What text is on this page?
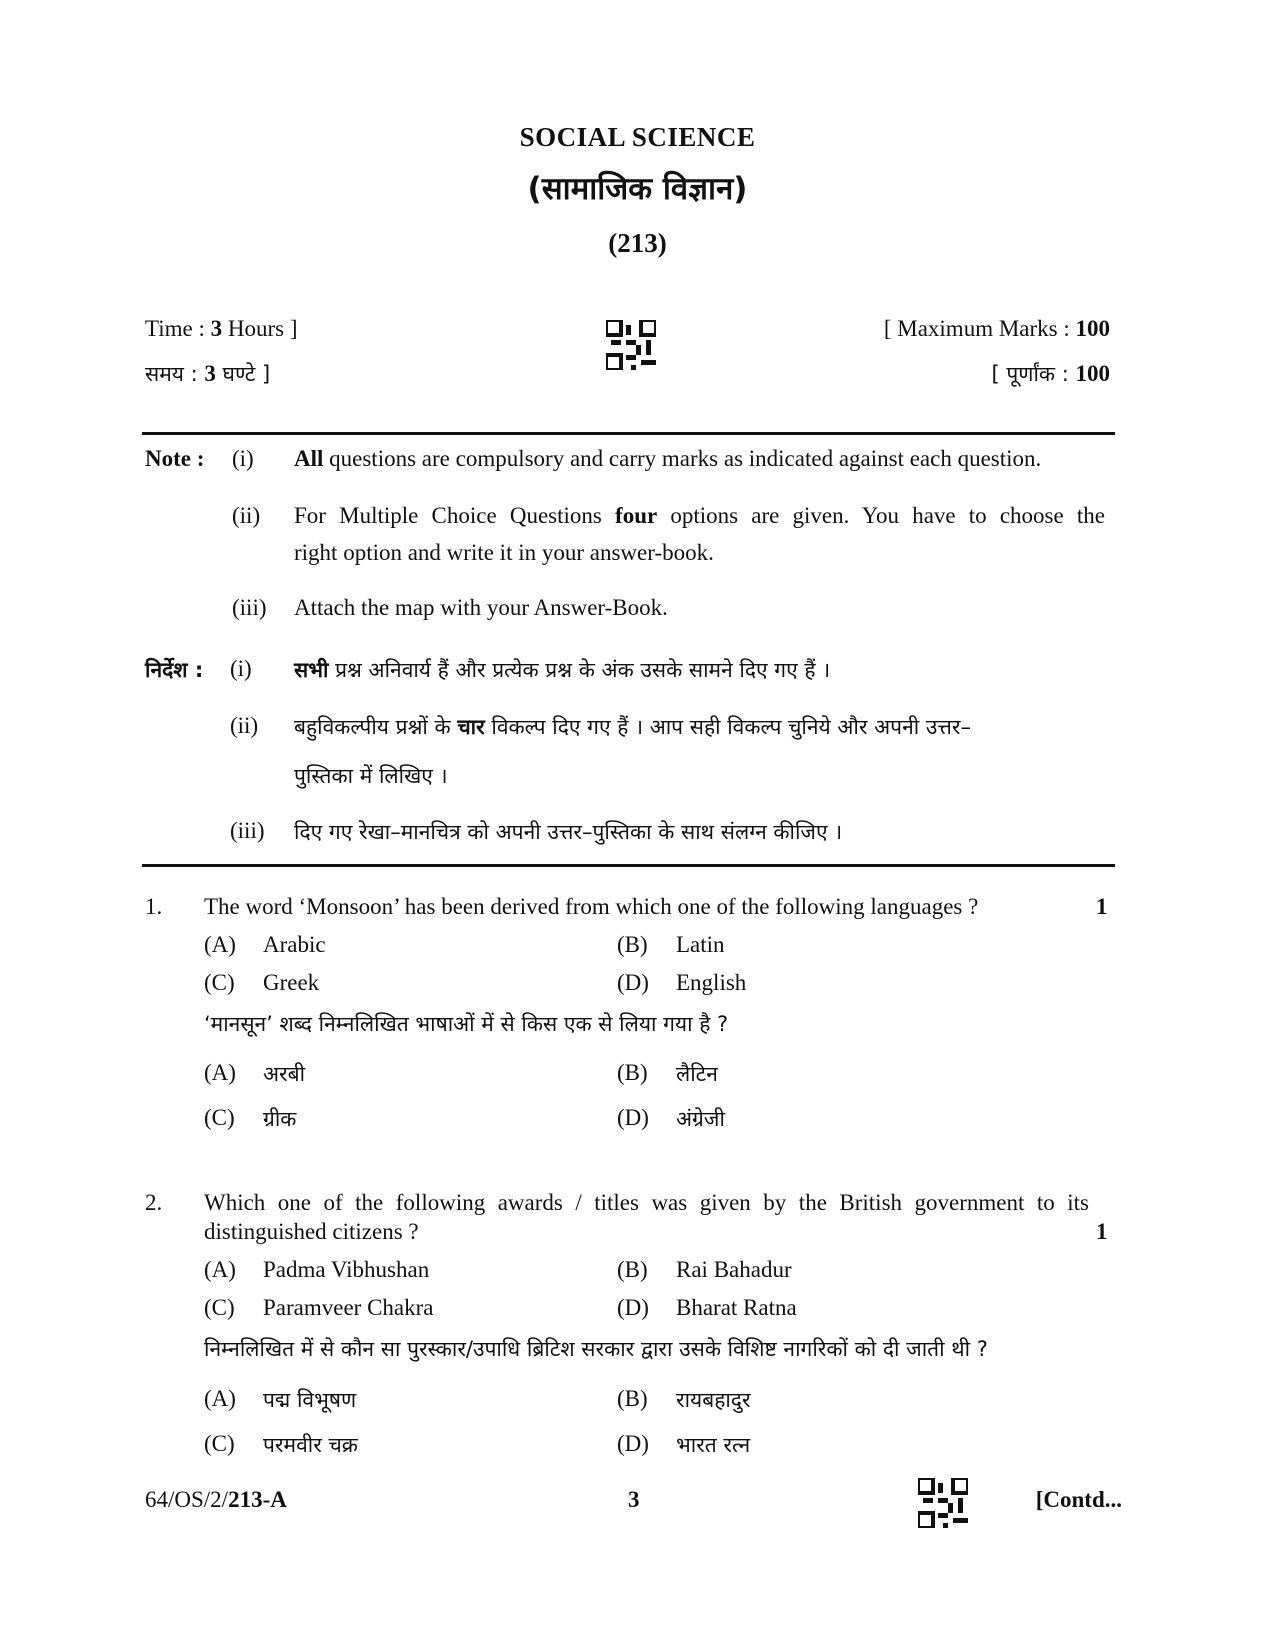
SOCIAL SCIENCE
(सामाजिक विज्ञान)
(213)
Time : 3 Hours ]
समय : 3 घण्टे ]
[ Maximum Marks : 100
[ पूर्णांक : 100
Note : (i) All questions are compulsory and carry marks as indicated against each question.
(ii) For Multiple Choice Questions four options are given. You have to choose the
right option and write it in your answer-book.
(iii) Attach the map with your Answer-Book.
निर्देश : (i) सभी प्रश्न अनिवार्य हैं और प्रत्येक प्रश्न के अंक उसके सामने दिए गए हैं ।
(ii) बहुविकल्पीय प्रश्नों के चार विकल्प दिए गए हैं । आप सही विकल्प चुनिये और अपनी उत्तर–
पुस्तिका में लिखिए ।
(iii) दिए गए रेखा–मानचित्र को अपनी उत्तर–पुस्तिका के साथ संलग्न कीजिए ।
1. The word ‘Monsoon’ has been derived from which one of the following languages ?	1
(A) Arabic	(B) Latin
(C) Greek	(D) English
‘मानसून’ शब्द निम्नलिखित भाषाओं में से किस एक से लिया गया है ?
(A) अरबी	(B) लैटिन
(C) ग्रीक	(D) अंग्रेजी
2. Which one of the following awards / titles was given by the British government to its
distinguished citizens ?	1
(A) Padma Vibhushan	(B) Rai Bahadur
(C) Paramveer Chakra	(D) Bharat Ratna
निम्नलिखित में से कौन सा पुरस्कार/उपाधि ब्रिटिश सरकार द्वारा उसके विशिष्ट नागरिकों को दी जाती थी ?
(A) पद्म विभूषण	(B) रायबहादुर
(C) परमवीर चक्र	(D) भारत रत्न
64/OS/2/213-A	3	[Contd...
